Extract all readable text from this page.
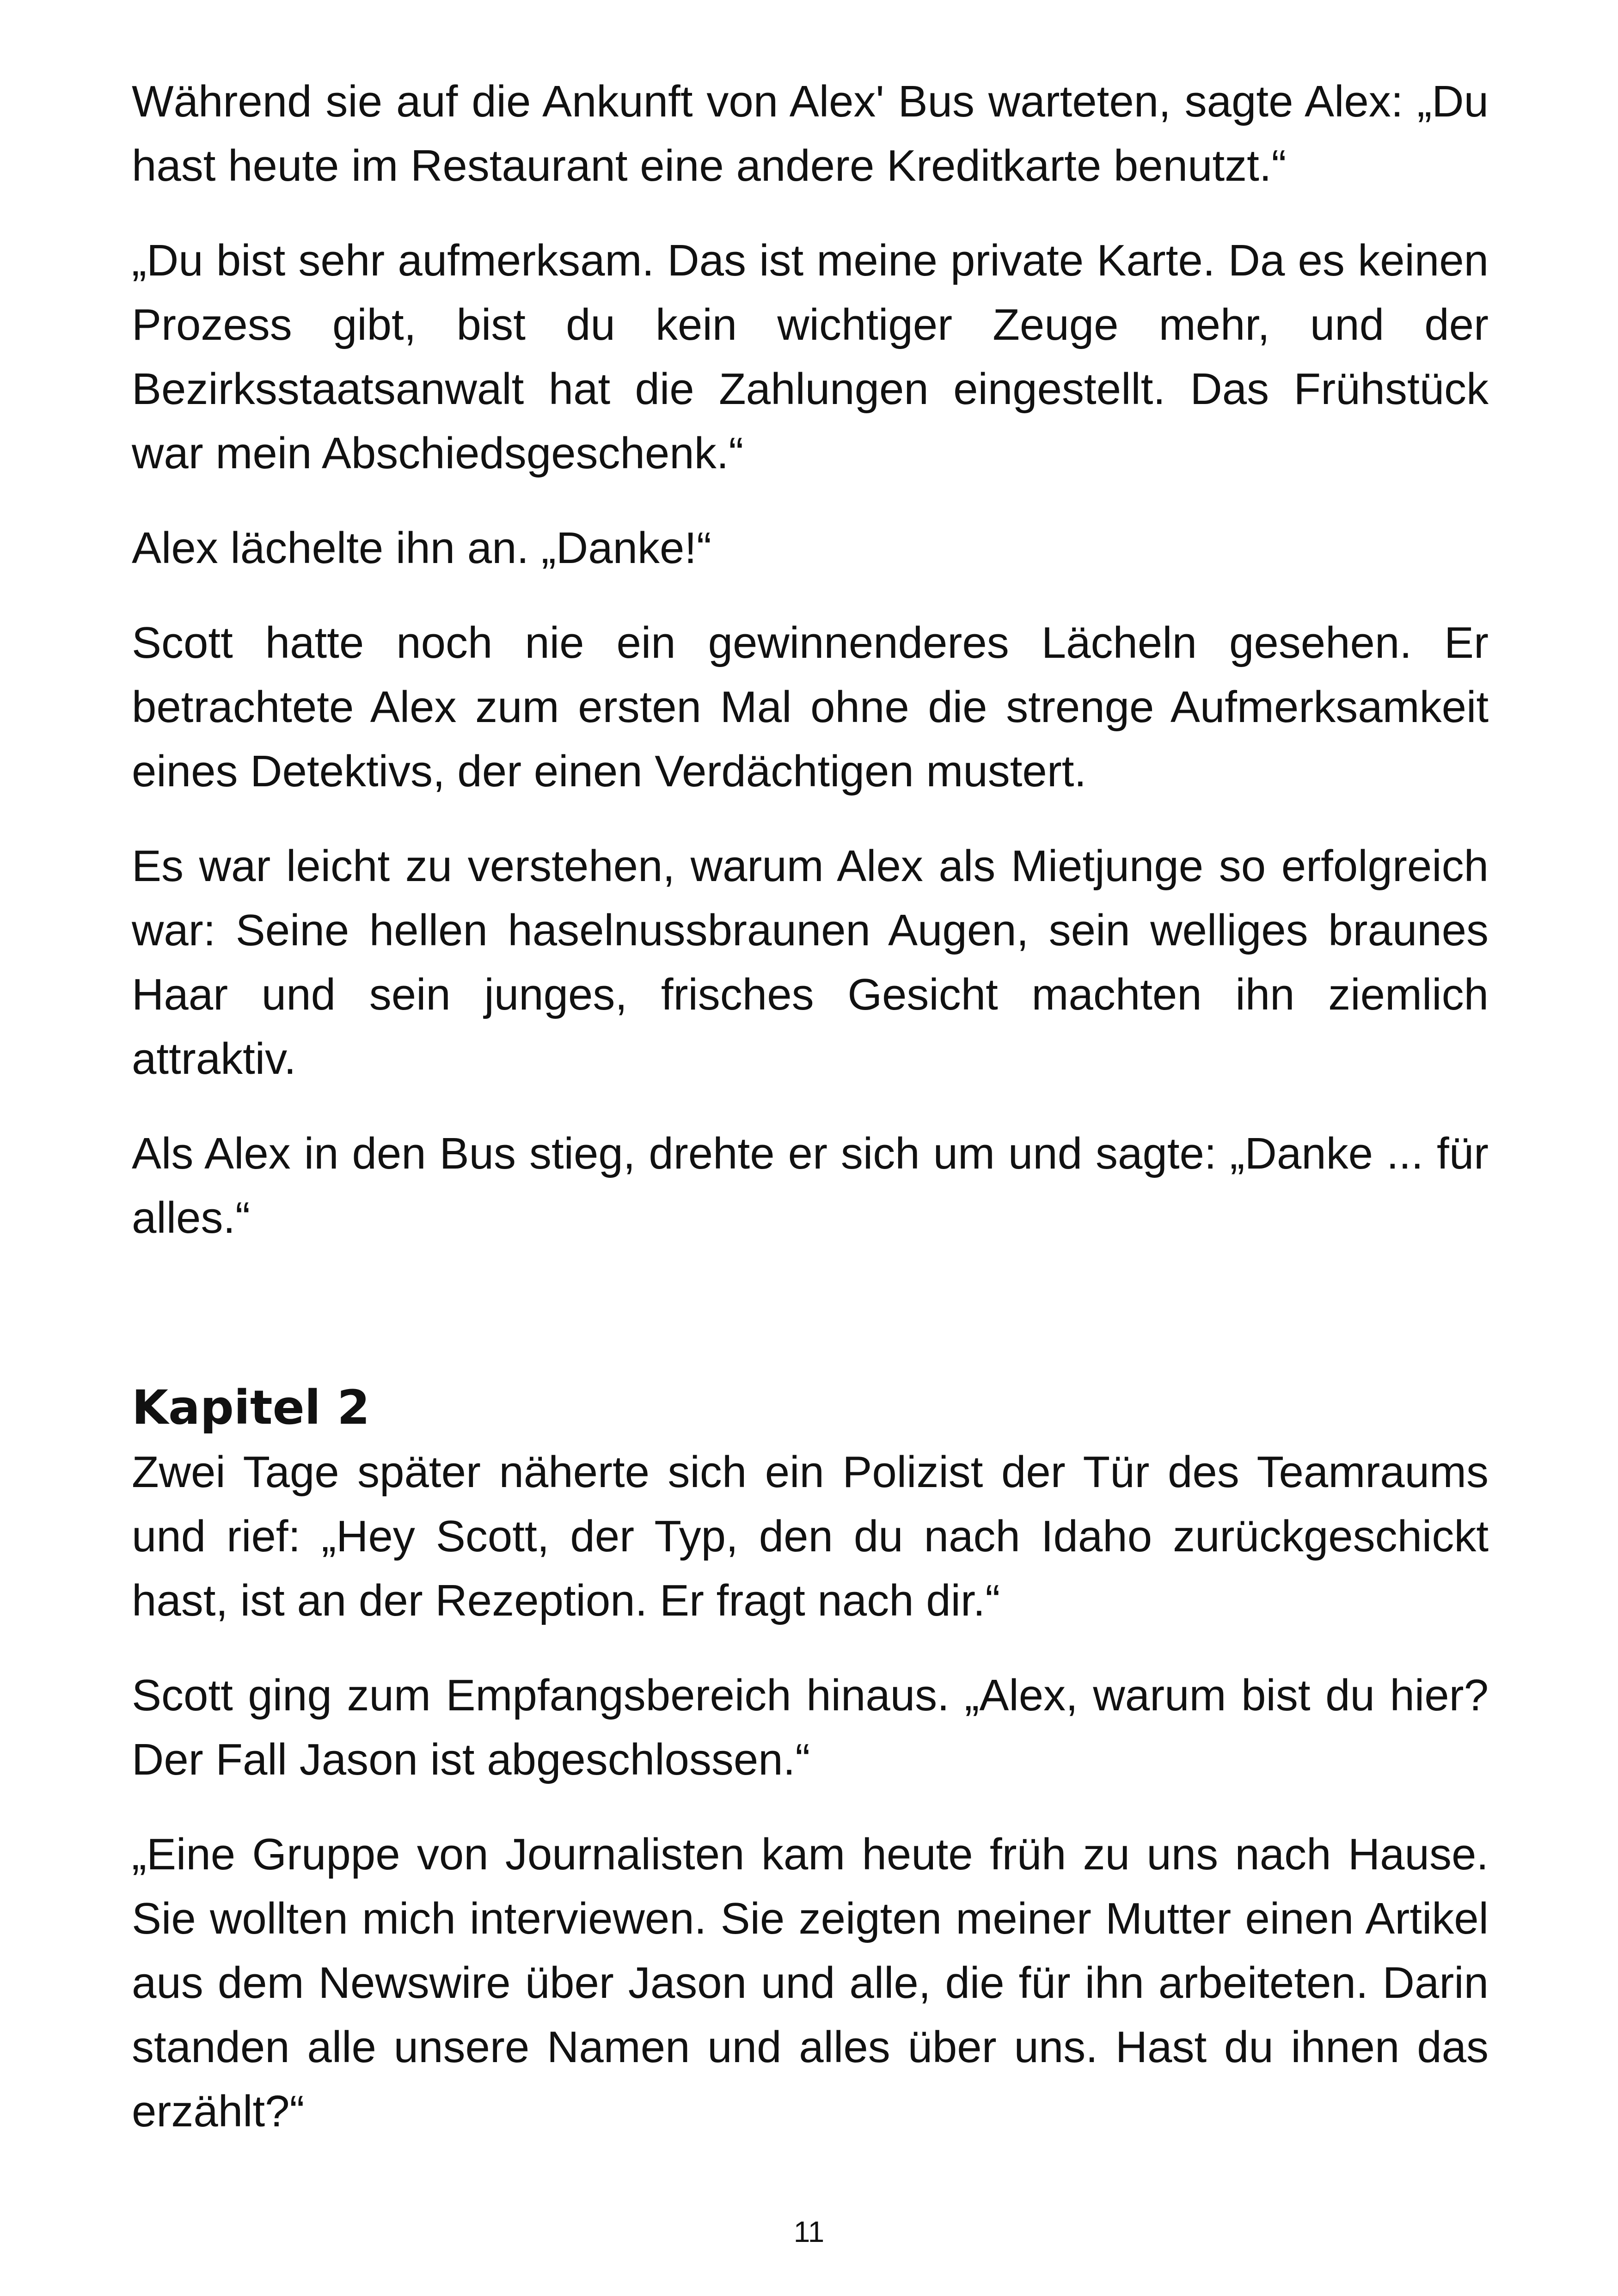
Während sie auf die Ankunft von Alex' Bus warteten, sagte Alex: „Du hast heute im Restaurant eine andere Kreditkarte benutzt.“

„Du bist sehr aufmerksam. Das ist meine private Karte. Da es keinen Prozess gibt, bist du kein wichtiger Zeuge mehr, und der Bezirksstaatsanwalt hat die Zahlungen eingestellt. Das Frühstück war mein Abschiedsgeschenk.“

Alex lächelte ihn an. „Danke!“

Scott hatte noch nie ein gewinnenderes Lächeln gesehen. Er betrachtete Alex zum ersten Mal ohne die strenge Aufmerksamkeit eines Detektivs, der einen Verdächtigen mustert.

Es war leicht zu verstehen, warum Alex als Mietjunge so erfolgreich war: Seine hellen haselnussbraunen Augen, sein welliges braunes Haar und sein junges, frisches Gesicht machten ihn ziemlich attraktiv.

Als Alex in den Bus stieg, drehte er sich um und sagte: „Danke ... für alles.“

Kapitel 2

Zwei Tage später näherte sich ein Polizist der Tür des Teamraums und rief: „Hey Scott, der Typ, den du nach Idaho zurückgeschickt hast, ist an der Rezeption. Er fragt nach dir.“

Scott ging zum Empfangsbereich hinaus. „Alex, warum bist du hier? Der Fall Jason ist abgeschlossen.“

„Eine Gruppe von Journalisten kam heute früh zu uns nach Hause. Sie wollten mich interviewen. Sie zeigten meiner Mutter einen Artikel aus dem Newswire über Jason und alle, die für ihn arbeiteten. Darin standen alle unsere Namen und alles über uns. Hast du ihnen das erzählt?“

11
